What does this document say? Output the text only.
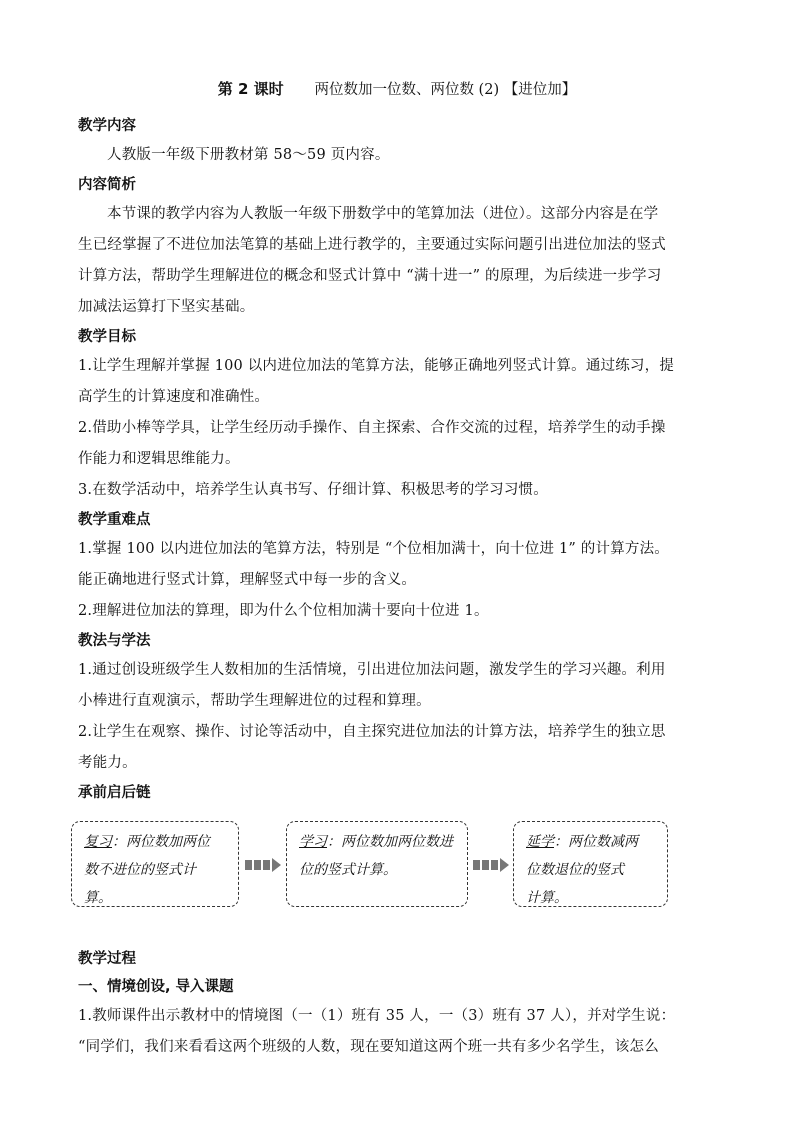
第 2 课时 两位数加一位数、两位数 (2) 【进位加】
教学内容
人教版一年级下册教材第 58～59 页内容。
内容简析
本节课的教学内容为人教版一年级下册数学中的笔算加法（进位）。这部分内容是在学
生已经掌握了不进位加法笔算的基础上进行教学的，主要通过实际问题引出进位加法的竖式
计算方法，帮助学生理解进位的概念和竖式计算中 “满十进一” 的原理，为后续进一步学习
加减法运算打下坚实基础。
教学目标
1.让学生理解并掌握 100 以内进位加法的笔算方法，能够正确地列竖式计算。通过练习，提
高学生的计算速度和准确性。
2.借助小棒等学具，让学生经历动手操作、自主探索、合作交流的过程，培养学生的动手操
作能力和逻辑思维能力。
3.在数学活动中，培养学生认真书写、仔细计算、积极思考的学习习惯。
教学重难点
1.掌握 100 以内进位加法的笔算方法，特别是 “个位相加满十，向十位进 1” 的计算方法。
能正确地进行竖式计算，理解竖式中每一步的含义。
2.理解进位加法的算理，即为什么个位相加满十要向十位进 1。
教法与学法
1.通过创设班级学生人数相加的生活情境，引出进位加法问题，激发学生的学习兴趣。利用
小棒进行直观演示，帮助学生理解进位的过程和算理。
2.让学生在观察、操作、讨论等活动中，自主探究进位加法的计算方法，培养学生的独立思
考能力。
承前启后链
复习：两位数加两位
数不进位的竖式计
算。
学习：两位数加两位数进
位的竖式计算。
延学：两位数减两
位数退位的竖式
计算。
教学过程
一、情境创设, 导入课题
1.教师课件出示教材中的情境图（一（1）班有 35 人，一（3）班有 37 人），并对学生说：
“同学们，我们来看看这两个班级的人数，现在要知道这两个班一共有多少名学生，该怎么
